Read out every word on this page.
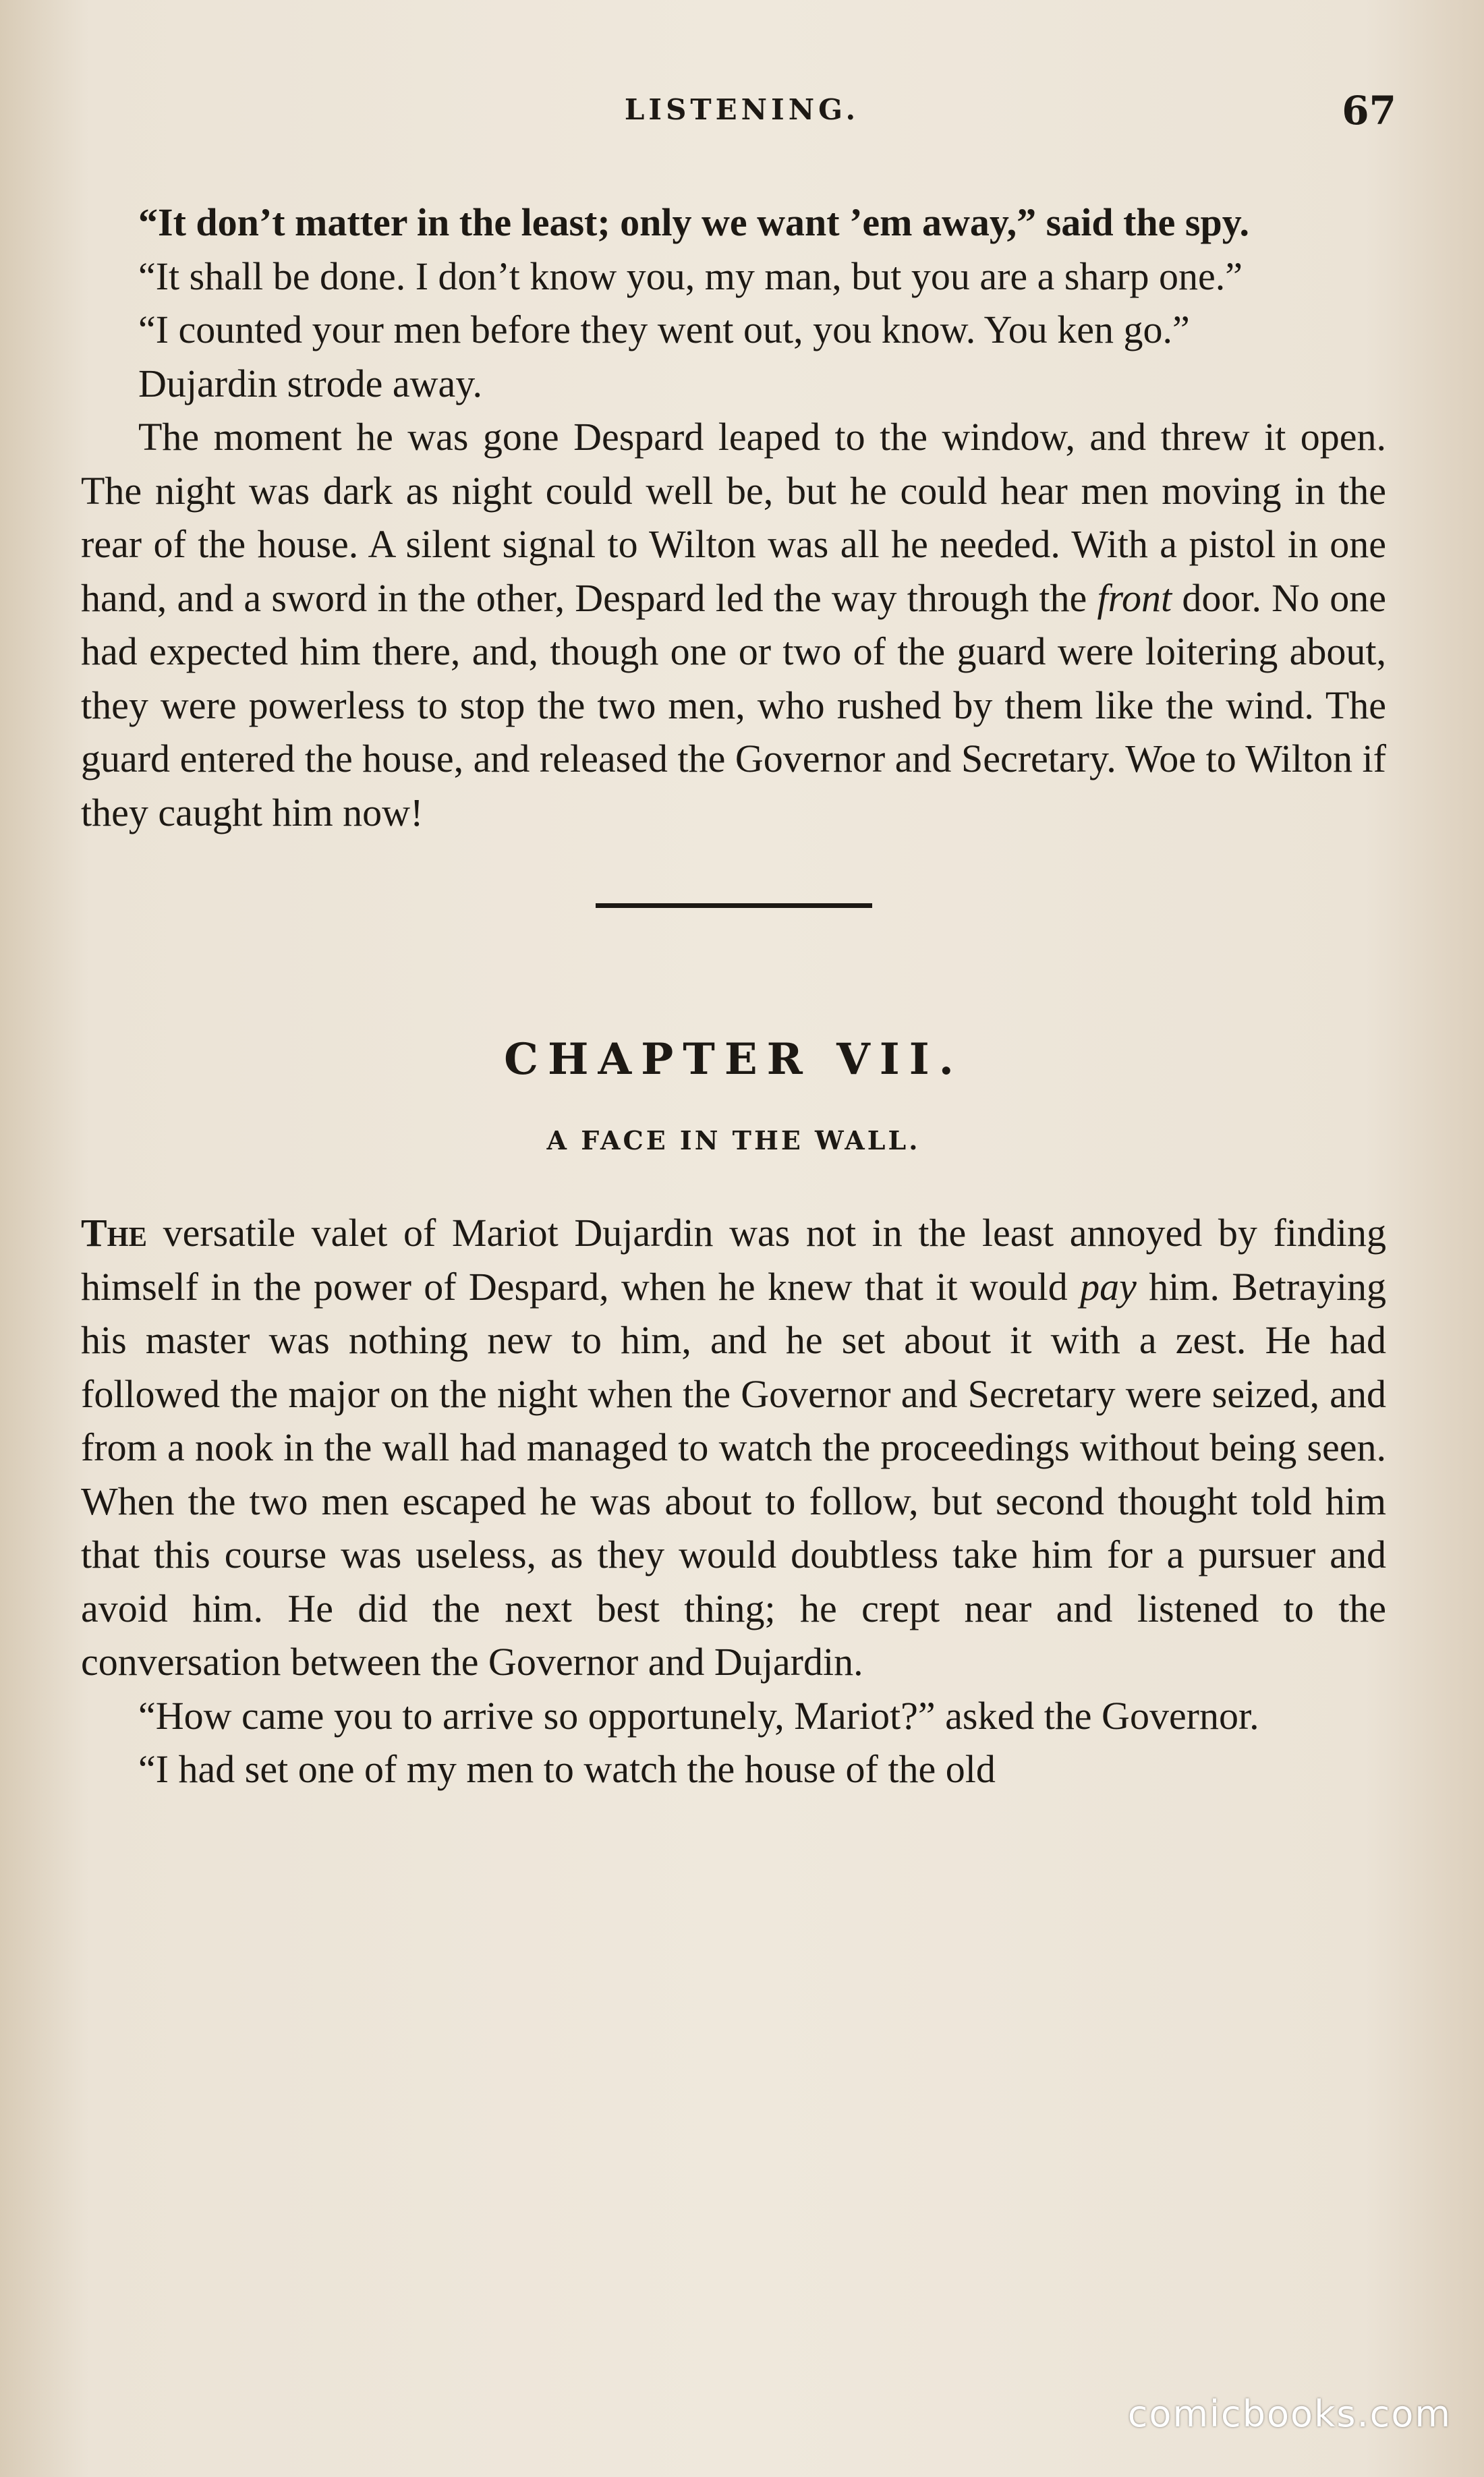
LISTENING.	67

“It don’t matter in the least; only we want ’em away,” said the spy.

“It shall be done. I don’t know you, my man, but you are a sharp one.”

“I counted your men before they went out, you know. You ken go.”

Dujardin strode away.

The moment he was gone Despard leaped to the window, and threw it open. The night was dark as night could well be, but he could hear men moving in the rear of the house. A silent signal to Wilton was all he needed. With a pistol in one hand, and a sword in the other, Despard led the way through the front door. No one had expected him there, and, though one or two of the guard were loitering about, they were powerless to stop the two men, who rushed by them like the wind. The guard entered the house, and released the Governor and Secretary. Woe to Wilton if they caught him now!

CHAPTER VII.
A FACE IN THE WALL.

The versatile valet of Mariot Dujardin was not in the least annoyed by finding himself in the power of Despard, when he knew that it would pay him. Betraying his master was nothing new to him, and he set about it with a zest. He had followed the major on the night when the Governor and Secretary were seized, and from a nook in the wall had managed to watch the proceedings without being seen. When the two men escaped he was about to follow, but second thought told him that this course was useless, as they would doubtless take him for a pursuer and avoid him. He did the next best thing; he crept near and listened to the conversation between the Governor and Dujardin.

“How came you to arrive so opportunely, Mariot?” asked the Governor.

“I had set one of my men to watch the house of the old

comicbooks.com
